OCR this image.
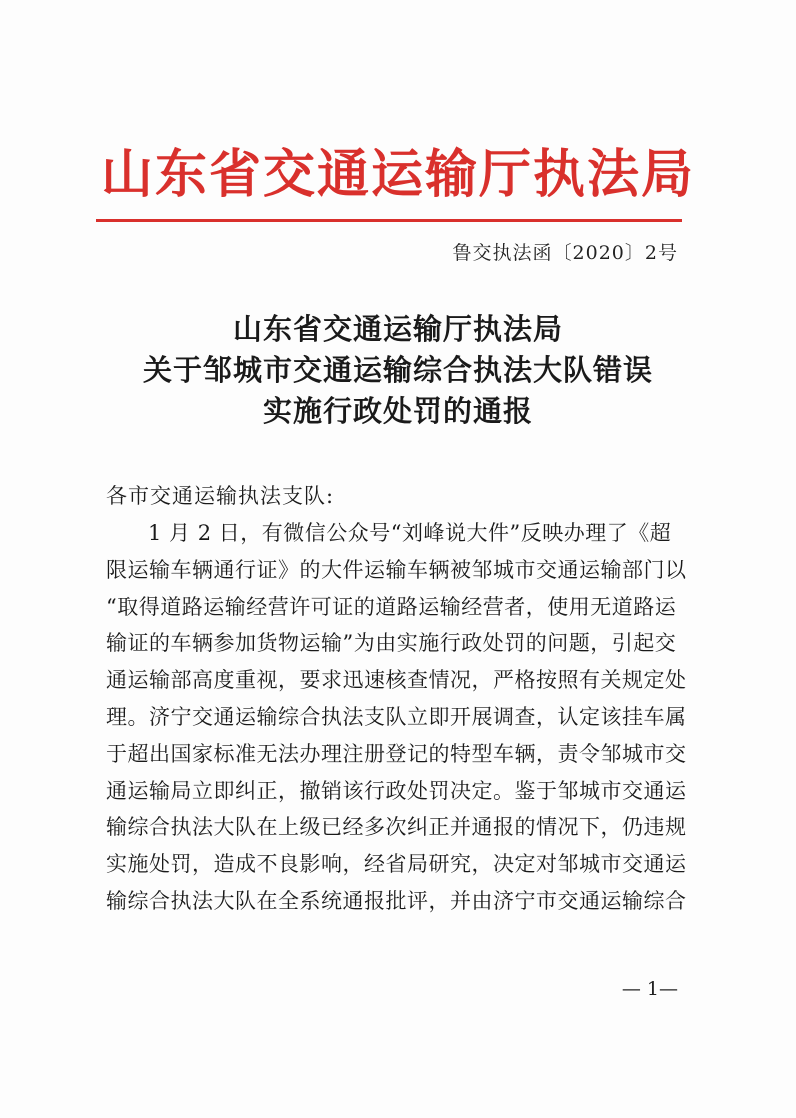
山东省交通运输厅执法局
鲁交执法函〔2020〕2号
山东省交通运输厅执法局
关于邹城市交通运输综合执法大队错误
实施行政处罚的通报
各市交通运输执法支队:
1 月 2 日，有微信公众号“刘峰说大件”反映办理了《超
限运输车辆通行证》的大件运输车辆被邹城市交通运输部门以
“取得道路运输经营许可证的道路运输经营者，使用无道路运
输证的车辆参加货物运输”为由实施行政处罚的问题，引起交
通运输部高度重视，要求迅速核查情况，严格按照有关规定处
理。济宁交通运输综合执法支队立即开展调查，认定该挂车属
于超出国家标准无法办理注册登记的特型车辆，责令邹城市交
通运输局立即纠正，撤销该行政处罚决定。鉴于邹城市交通运
输综合执法大队在上级已经多次纠正并通报的情况下，仍违规
实施处罚，造成不良影响，经省局研究，决定对邹城市交通运
输综合执法大队在全系统通报批评，并由济宁市交通运输综合
— 1—
